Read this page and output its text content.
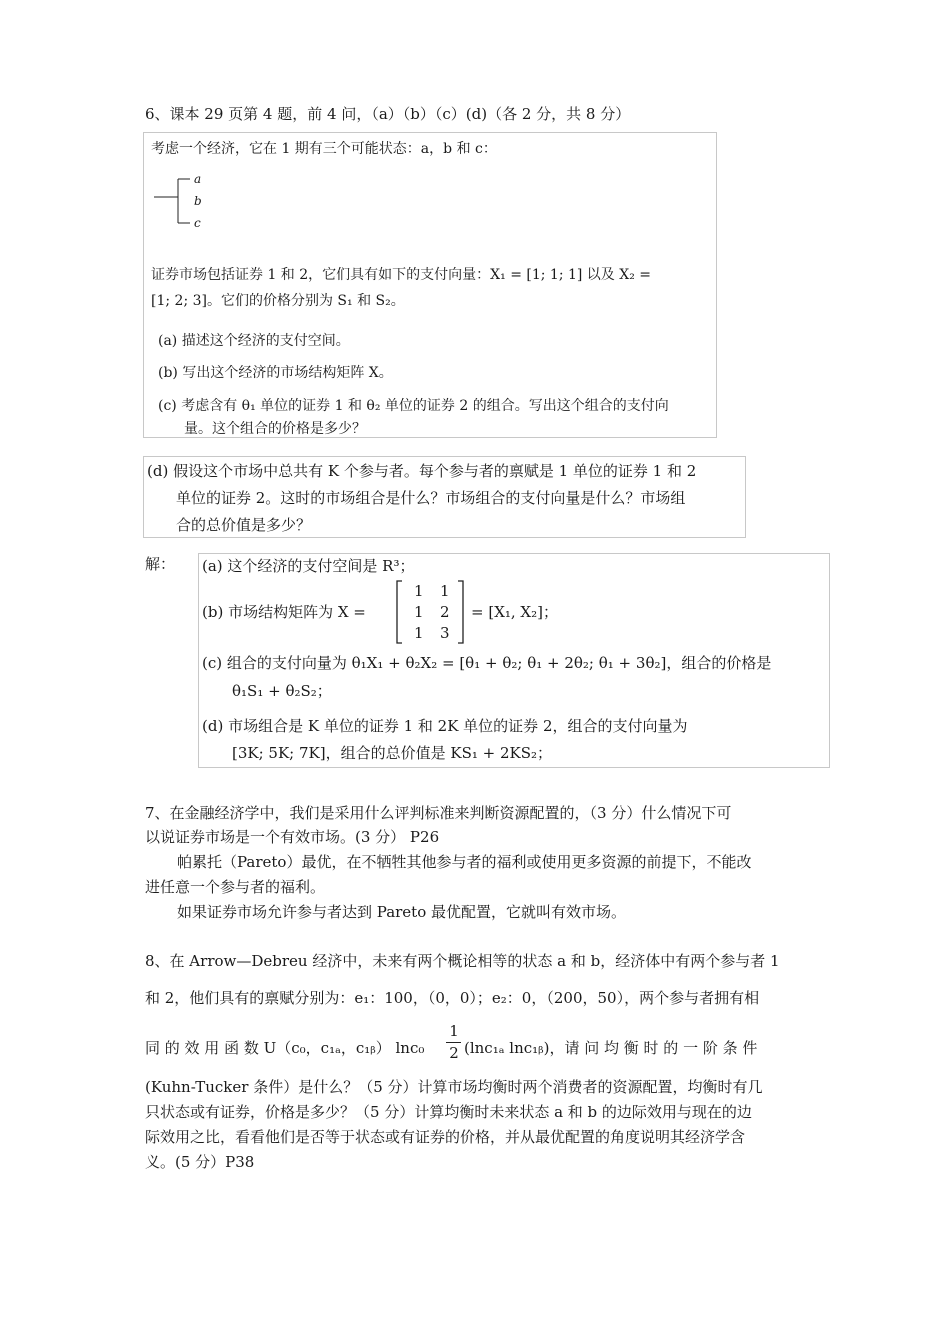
6、课本 29 页第 4 题，前 4 问，（a）（b）（c）(d)（各 2 分，共 8 分）
考虑一个经济，它在 1 期有三个可能状态：a，b 和 c：
a
b
c
证券市场包括证券 1 和 2，它们具有如下的支付向量：X₁ = [1; 1; 1] 以及 X₂ =
[1; 2; 3]。它们的价格分别为 S₁ 和 S₂。
(a) 描述这个经济的支付空间。
(b) 写出这个经济的市场结构矩阵 X。
(c) 考虑含有 θ₁ 单位的证券 1 和 θ₂ 单位的证券 2 的组合。写出这个组合的支付向
量。这个组合的价格是多少？
(d) 假设这个市场中总共有 K 个参与者。每个参与者的禀赋是 1 单位的证券 1 和 2
单位的证券 2。这时的市场组合是什么？市场组合的支付向量是什么？市场组
合的总价值是多少？
解： (a) 这个经济的支付空间是 R³；
(b) 市场结构矩阵为 X =
1 1
1 2
1 3
= [X₁, X₂]；
(c) 组合的支付向量为 θ₁X₁ + θ₂X₂ = [θ₁ + θ₂; θ₁ + 2θ₂; θ₁ + 3θ₂]，组合的价格是
θ₁S₁ + θ₂S₂；
(d) 市场组合是 K 单位的证券 1 和 2K 单位的证券 2，组合的支付向量为
[3K; 5K; 7K]，组合的总价值是 KS₁ + 2KS₂；
7、在金融经济学中，我们是采用什么评判标准来判断资源配置的，（3 分）什么情况下可
以说证券市场是一个有效市场。(3 分） P26
帕累托（Pareto）最优，在不牺牲其他参与者的福利或使用更多资源的前提下，不能改
进任意一个参与者的福利。
如果证券市场允许参与者达到 Pareto 最优配置，它就叫有效市场。
8、在 Arrow—Debreu 经济中，未来有两个概论相等的状态 a 和 b，经济体中有两个参与者 1
和 2，他们具有的禀赋分别为：e₁：100，（0，0）；e₂：0，（200，50），两个参与者拥有相
同 的 效 用 函 数 U（c₀，c₁ₐ，c₁ᵦ） lnc₀
1
2 (lnc₁ₐ lnc₁ᵦ)，请 问 均 衡 时 的 一 阶 条 件
(Kuhn-Tucker 条件）是什么？（5 分）计算市场均衡时两个消费者的资源配置，均衡时有几
只状态或有证券，价格是多少？（5 分）计算均衡时未来状态 a 和 b 的边际效用与现在的边
际效用之比，看看他们是否等于状态或有证券的价格，并从最优配置的角度说明其经济学含
义。(5 分）P38
